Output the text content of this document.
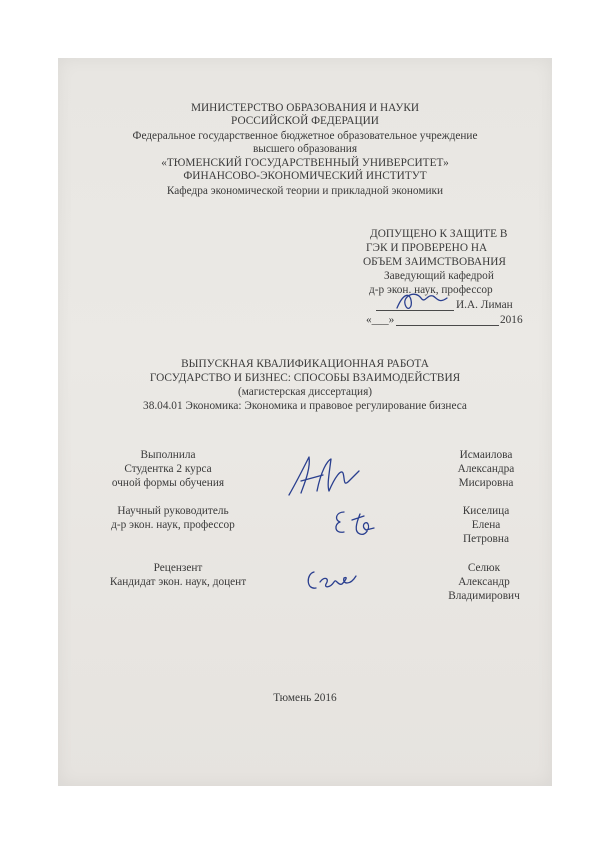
МИНИСТЕРСТВО ОБРАЗОВАНИЯ И НАУКИ
РОССИЙСКОЙ ФЕДЕРАЦИИ
Федеральное государственное бюджетное образовательное учреждение
высшего образования
«ТЮМЕНСКИЙ ГОСУДАРСТВЕННЫЙ УНИВЕРСИТЕТ»
ФИНАНСОВО-ЭКОНОМИЧЕСКИЙ ИНСТИТУТ
Кафедра экономической теории и прикладной экономики
ДОПУЩЕНО К ЗАЩИТЕ В
ГЭК И ПРОВЕРЕНО НА
ОБЪЕМ ЗАИМСТВОВАНИЯ
Заведующий кафедрой
д-р экон. наук, профессор
И.А. Лиман
«___»	2016
ВЫПУСКНАЯ КВАЛИФИКАЦИОННАЯ РАБОТА
ГОСУДАРСТВО И БИЗНЕС: СПОСОБЫ ВЗАИМОДЕЙСТВИЯ
(магистерская диссертация)
38.04.01 Экономика: Экономика и правовое регулирование бизнеса
Выполнила
Студентка 2 курса
очной формы обучения
Исмаилова
Александра
Мисировна
Научный руководитель
д-р экон. наук, профессор
Киселица
Елена
Петровна
Рецензент
Кандидат экон. наук, доцент
Селюк
Александр
Владимирович
Тюмень 2016
